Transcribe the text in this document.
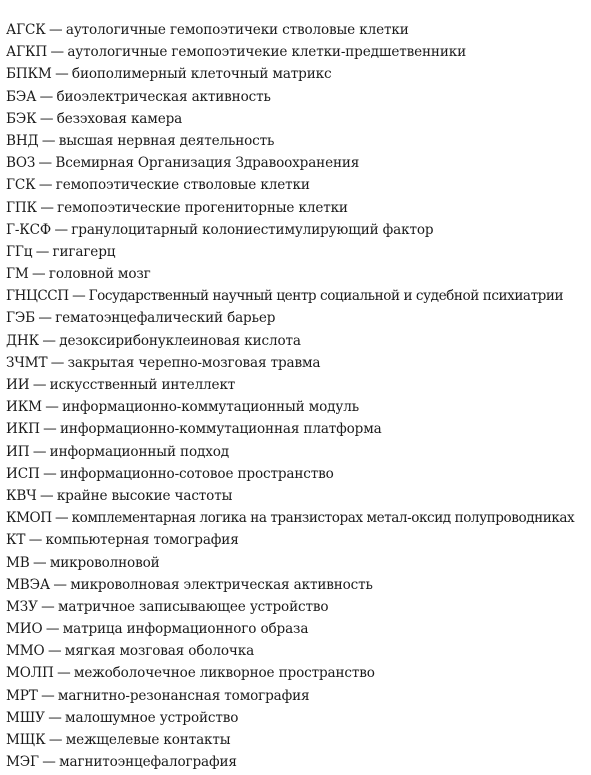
АГСК — аутологичные гемопоэтичеки стволовые клетки
АГКП — аутологичные гемопоэтичекие клетки-предшетвенники
БПКМ — биополимерный клеточный матрикс
БЭА — биоэлектрическая активность
БЭК — безэховая камера
ВНД — высшая нервная деятельность
ВОЗ — Всемирная Организация Здравоохранения
ГСК — гемопоэтические стволовые клетки
ГПК — гемопоэтические прогениторные клетки
Г-КСФ — гранулоцитарный колониестимулирующий фактор
ГГц — гигагерц
ГМ — головной мозг
ГНЦССП — Государственный научный центр социальной и судебной психиатрии
ГЭБ — гематоэнцефалический барьер
ДНК — дезоксирибонуклеиновая кислота
ЗЧМТ — закрытая черепно-мозговая травма
ИИ — искусственный интеллект
ИКМ — информационно-коммутационный модуль
ИКП — информационно-коммутационная платформа
ИП — информационный подход
ИСП — информационно-сотовое пространство
КВЧ — крайне высокие частоты
КМОП — комплементарная логика на транзисторах метал-оксид полупроводниках
КТ — компьютерная томография
МВ — микроволновой
МВЭА — микроволновая электрическая активность
МЗУ — матричное записывающее устройство
МИО — матрица информационного образа
ММО — мягкая мозговая оболочка
МОЛП — межоболочечное ликворное пространство
МРТ — магнитно-резонансная томография
МШУ — малошумное устройство
МЩК — межщелевые контакты
МЭГ — магнитоэнцефалография
